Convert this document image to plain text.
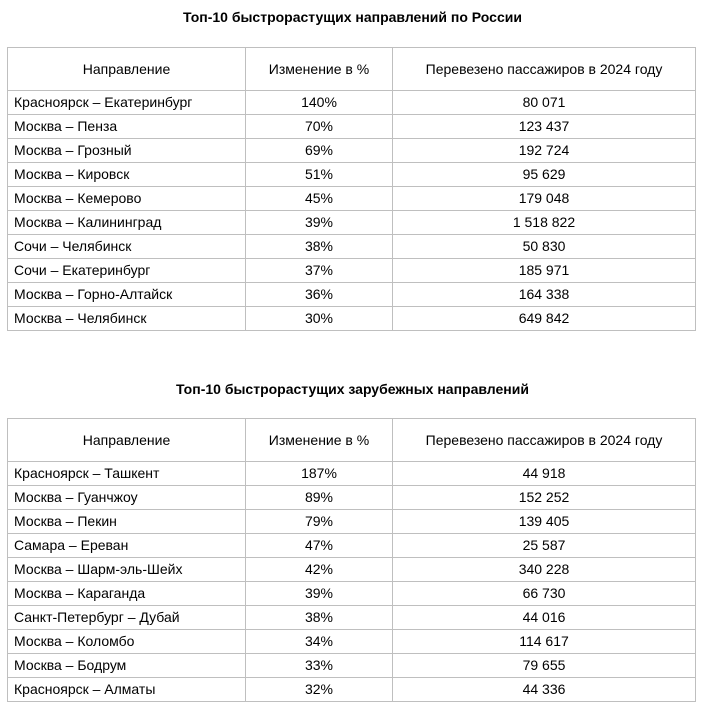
Топ-10 быстрорастущих направлений по России
Направление	Изменение в %	Перевезено пассажиров в 2024 году
Красноярск – Екатеринбург	140%	80 071
Москва – Пенза	70%	123 437
Москва – Грозный	69%	192 724
Москва – Кировск	51%	95 629
Москва – Кемерово	45%	179 048
Москва – Калининград	39%	1 518 822
Сочи – Челябинск	38%	50 830
Сочи – Екатеринбург	37%	185 971
Москва – Горно-Алтайск	36%	164 338
Москва – Челябинск	30%	649 842
Топ-10 быстрорастущих зарубежных направлений
Направление	Изменение в %	Перевезено пассажиров в 2024 году
Красноярск – Ташкент	187%	44 918
Москва – Гуанчжоу	89%	152 252
Москва – Пекин	79%	139 405
Самара – Ереван	47%	25 587
Москва – Шарм-эль-Шейх	42%	340 228
Москва – Караганда	39%	66 730
Санкт-Петербург – Дубай	38%	44 016
Москва – Коломбо	34%	114 617
Москва – Бодрум	33%	79 655
Красноярск – Алматы	32%	44 336
